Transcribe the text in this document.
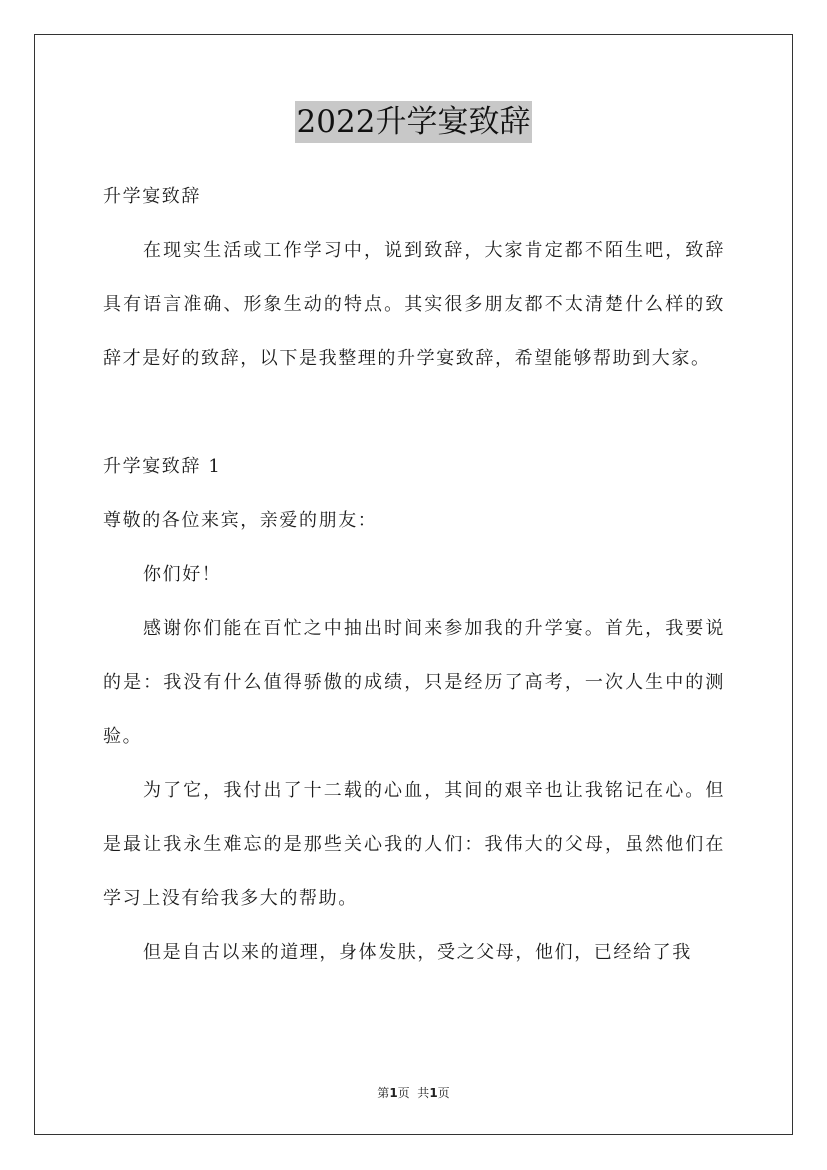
2022升学宴致辞

升学宴致辞

在现实生活或工作学习中，说到致辞，大家肯定都不陌生吧，致辞具有语言准确、形象生动的特点。其实很多朋友都不太清楚什么样的致辞才是好的致辞，以下是我整理的升学宴致辞，希望能够帮助到大家。

升学宴致辞 1

尊敬的各位来宾，亲爱的朋友：

你们好！

感谢你们能在百忙之中抽出时间来参加我的升学宴。首先，我要说的是：我没有什么值得骄傲的成绩，只是经历了高考，一次人生中的测验。

为了它，我付出了十二载的心血，其间的艰辛也让我铭记在心。但是最让我永生难忘的是那些关心我的人们：我伟大的父母，虽然他们在学习上没有给我多大的帮助。

但是自古以来的道理，身体发肤，受之父母，他们，已经给了我

第1页  共1页
